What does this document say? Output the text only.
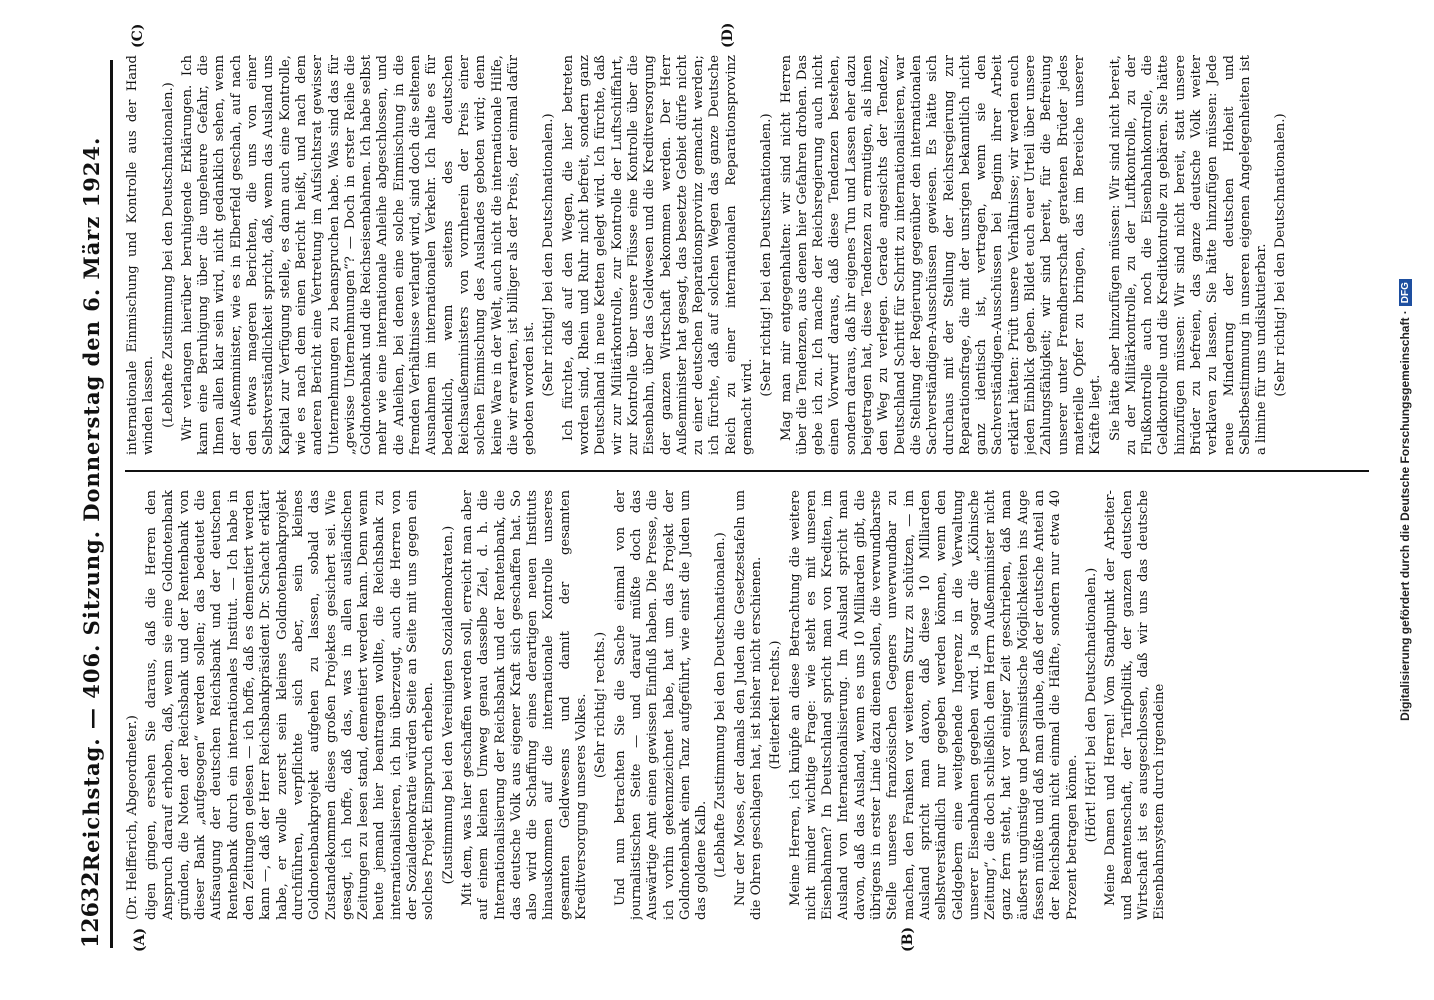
12632
Reichstag. — 406. Sitzung. Donnerstag den 6. März 1924.
(A)	(B)
(C)	(D)

(Dr. Helfferich, Abgeordneter.) digen gingen, ersehen Sie daraus, daß die Herren den Anspruch darauf erhoben, daß, wenn sie eine Goldnotenbank gründen, die Noten der Reichsbank und der Rentenbank von dieser Bank „aufgesogen“ werden sollen; das bedeutet die Aufsaugung der deutschen Reichsbank und der deutschen Rentenbank durch ein internationales Institut. — Ich habe in den Zeitungen gelesen — ich hoffe, daß es dementiert werden kann —, daß der Herr Reichsbankpräsident Dr. Schacht erklärt habe, er wolle zuerst sein kleines Goldnotenbankprojekt durchführen, verpflichte sich aber, sein kleines Goldnotenbankprojekt aufgehen zu lassen, sobald das Zustandekommen dieses großen Projektes gesichert sei. Wie gesagt, ich hoffe, daß das, was in allen ausländischen Zeitungen zu lesen stand, dementiert werden kann. Denn wenn heute jemand hier beantragen wollte, die Reichsbank zu internationalisieren, ich bin überzeugt, auch die Herren von der Sozialdemokratie würden Seite an Seite mit uns gegen ein solches Projekt Einspruch erheben. (Zustimmung bei den Vereinigten Sozialdemokraten.) Mit dem, was hier geschaffen werden soll, erreicht man aber auf einem kleinen Umweg genau dasselbe Ziel, d. h. die Internationalisierung der Reichsbank und der Rentenbank, die das deutsche Volk aus eigener Kraft sich geschaffen hat. So also wird die Schaffung eines derartigen neuen Instituts hinauskommen auf die internationale Kontrolle unseres gesamten Geldwesens und damit der gesamten Kreditversorgung unseres Volkes. (Sehr richtig! rechts.) Und nun betrachten Sie die Sache einmal von der journalistischen Seite — und darauf müßte doch das Auswärtige Amt einen gewissen Einfluß haben. Die Presse, die ich vorhin gekennzeichnet habe, hat um das Projekt der Goldnotenbank einen Tanz aufgeführt, wie einst die Juden um das goldene Kalb. (Lebhafte Zustimmung bei den Deutschnationalen.) Nur der Moses, der damals den Juden die Gesetzestafeln um die Ohren geschlagen hat, ist bisher nicht erschienen. (Heiterkeit rechts.) Meine Herren, ich knüpfe an diese Betrachtung die weitere nicht minder wichtige Frage: wie steht es mit unseren Eisenbahnen? In Deutschland spricht man von Krediten, im Ausland von Internationalisierung. Im Ausland spricht man davon, daß das Ausland, wenn es uns 10 Milliarden gibt, die übrigens in erster Linie dazu dienen sollen, die verwundbarste Stelle unseres französischen Gegners unverwundbar zu machen, den Franken vor weiterem Sturz zu schützen, — im Ausland spricht man davon, daß diese 10 Milliarden selbstverständlich nur gegeben werden können, wenn den Geldgebern eine weitgehende Ingerenz in die Verwaltung unserer Eisenbahnen gegeben wird. Ja sogar die „Kölnische Zeitung“, die doch schließlich dem Herrn Außenminister nicht ganz fern steht, hat vor einiger Zeit geschrieben, daß man äußerst ungünstige und pessimistische Möglichkeiten ins Auge fassen müßte und daß man glaube, daß der deutsche Anteil an der Reichsbahn nicht einmal die Hälfte, sondern nur etwa 40 Prozent betragen könne. (Hört! Hört! bei den Deutschnationalen.) Meine Damen und Herren! Vom Standpunkt der Arbeiter- und Beamtenschaft, der Tarifpolitik, der ganzen deutschen Wirtschaft ist es ausgeschlossen, daß wir uns das deutsche Eisenbahnsystem durch irgendeine

internationale Einmischung und Kontrolle aus der Hand winden lassen. (Lebhafte Zustimmung bei den Deutschnationalen.) Wir verlangen hierüber beruhigende Erklärungen. Ich kann eine Beruhigung über die ungeheure Gefahr, die Ihnen allen klar sein wird, nicht gedanklich sehen, wenn der Außenminister, wie es in Elberfeld geschah, auf nach den etwas mageren Berichten, die uns von einer Selbstverständlichkeit spricht, daß, wenn das Ausland uns Kapital zur Verfügung stelle, es dann auch eine Kontrolle, wie es nach dem einen Bericht heißt, und nach dem anderen Bericht eine Vertretung im Aufsichtsrat gewisser Unternehmungen zu beanspruchen habe. Was sind das für „gewisse Unternehmungen“? — Doch in erster Reihe die Goldnotenbank und die Reichseisenbahnen. Ich habe selbst mehr wie eine internationale Anleihe abgeschlossen, und die Anleihen, bei denen eine solche Einmischung in die fremden Verhältnisse verlangt wird, sind doch die seltenen Ausnahmen im internationalen Verkehr. Ich halte es für bedenklich, wenn seitens des deutschen Reichsaußenministers von vornherein der Preis einer solchen Einmischung des Auslandes geboten wird; denn keine Ware in der Welt, auch nicht die internationale Hilfe, die wir erwarten, ist billiger als der Preis, der einmal dafür geboten worden ist. (Sehr richtig! bei den Deutschnationalen.) Ich fürchte, daß auf den Wegen, die hier betreten worden sind, Rhein und Ruhr nicht befreit, sondern ganz Deutschland in neue Ketten gelegt wird. Ich fürchte, daß wir zur Militärkontrolle, zur Kontrolle der Luftschiffahrt, zur Kontrolle über unsere Flüsse eine Kontrolle über die Eisenbahn, über das Geldwesen und die Kreditversorgung der ganzen Wirtschaft bekommen werden. Der Herr Außenminister hat gesagt, das besetzte Gebiet dürfe nicht zu einer deutschen Reparationsprovinz gemacht werden; ich fürchte, daß auf solchen Wegen das ganze Deutsche Reich zu einer internationalen Reparationsprovinz gemacht wird.

(Sehr richtig! bei den Deutschnationalen.) Mag man mir entgegenhalten: wir sind nicht Herren über die Tendenzen, aus denen hier Gefahren drohen. Das gebe ich zu. Ich mache der Reichsregierung auch nicht einen Vorwurf daraus, daß diese Tendenzen bestehen, sondern daraus, daß ihr eigenes Tun und Lassen eher dazu beigetragen hat, diese Tendenzen zu ermutigen, als ihnen den Weg zu verlegen. Gerade angesichts der Tendenz, Deutschland Schritt für Schritt zu internationalisieren, war die Stellung der Regierung gegenüber den internationalen Sachverständigen-Ausschüssen gewiesen. Es hätte sich durchaus mit der Stellung der Reichsregierung zur Reparationsfrage, die mit der unsrigen bekanntlich nicht ganz identisch ist, vertragen, wenn sie den Sachverständigen-Ausschüssen bei Beginn ihrer Arbeit erklärt hätten: Prüft unsere Verhältnisse; wir werden euch jeden Einblick geben. Bildet euch euer Urteil über unsere Zahlungsfähigkeit; wir sind bereit, für die Befreiung unserer unter Fremdherrschaft geratenen Brüder jedes materielle Opfer zu bringen, das im Bereiche unserer Kräfte liegt. Sie hätte aber hinzufügen müssen: Wir sind nicht bereit, zu der Militärkontrolle, zu der Luftkontrolle, zu der Flußkontrolle auch noch die Eisenbahnkontrolle, die Geldkontrolle und die Kreditkontrolle zu gebären. Sie hätte hinzufügen müssen: Wir sind nicht bereit, statt unsere Brüder zu befreien, das ganze deutsche Volk weiter verklaven zu lassen. Sie hätte hinzufügen müssen: Jede neue Minderung der deutschen Hoheit und Selbstbestimmung in unseren eigenen Angelegenheiten ist a limine für uns undiskutierbar. (Sehr richtig! bei den Deutschnationalen.)

Digitalisierung gefördert durch die Deutsche Forschungsgemeinschaft ·
DFG
